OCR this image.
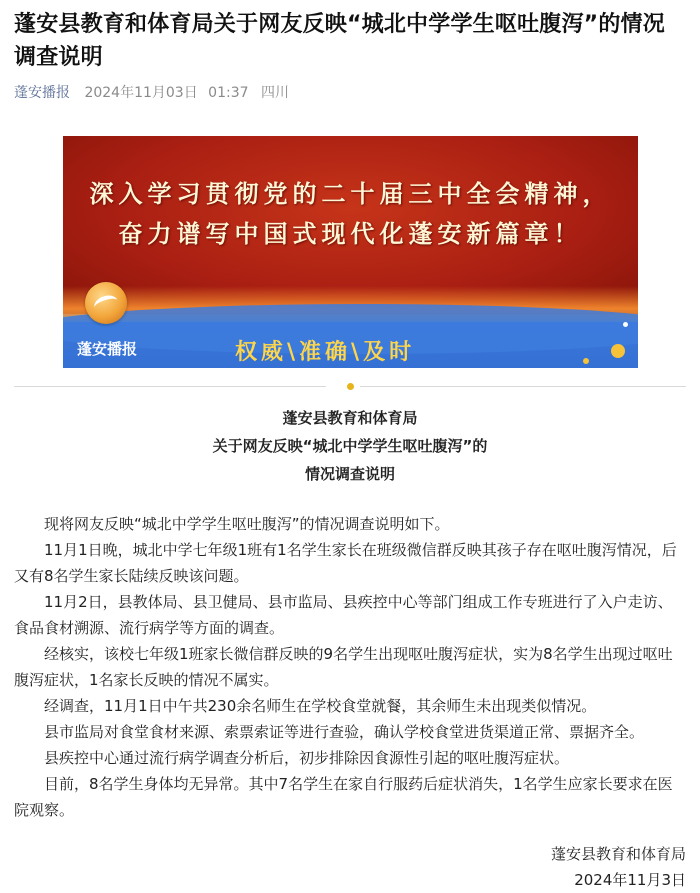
蓬安县教育和体育局关于网友反映“城北中学学生呕吐腹泻”的情况调查说明
蓬安播报 2024年11月03日 01:37 四川
深入学习贯彻党的二十届三中全会精神，
奋力谱写中国式现代化蓬安新篇章！
蓬安播报	权威\准确\及时
蓬安县教育和体育局
关于网友反映“城北中学学生呕吐腹泻”的
情况调查说明

现将网友反映“城北中学学生呕吐腹泻”的情况调查说明如下。

11月1日晚，城北中学七年级1班有1名学生家长在班级微信群反映其孩子存在呕吐腹泻情况，后又有8名学生家长陆续反映该问题。

11月2日，县教体局、县卫健局、县市监局、县疾控中心等部门组成工作专班进行了入户走访、食品食材溯源、流行病学等方面的调查。

经核实，该校七年级1班家长微信群反映的9名学生出现呕吐腹泻症状，实为8名学生出现过呕吐腹泻症状，1名家长反映的情况不属实。

经调查，11月1日中午共230余名师生在学校食堂就餐，其余师生未出现类似情况。

县市监局对食堂食材来源、索票索证等进行查验，确认学校食堂进货渠道正常、票据齐全。

县疾控中心通过流行病学调查分析后，初步排除因食源性引起的呕吐腹泻症状。

目前，8名学生身体均无异常。其中7名学生在家自行服药后症状消失，1名学生应家长要求在医院观察。

蓬安县教育和体育局
2024年11月3日
